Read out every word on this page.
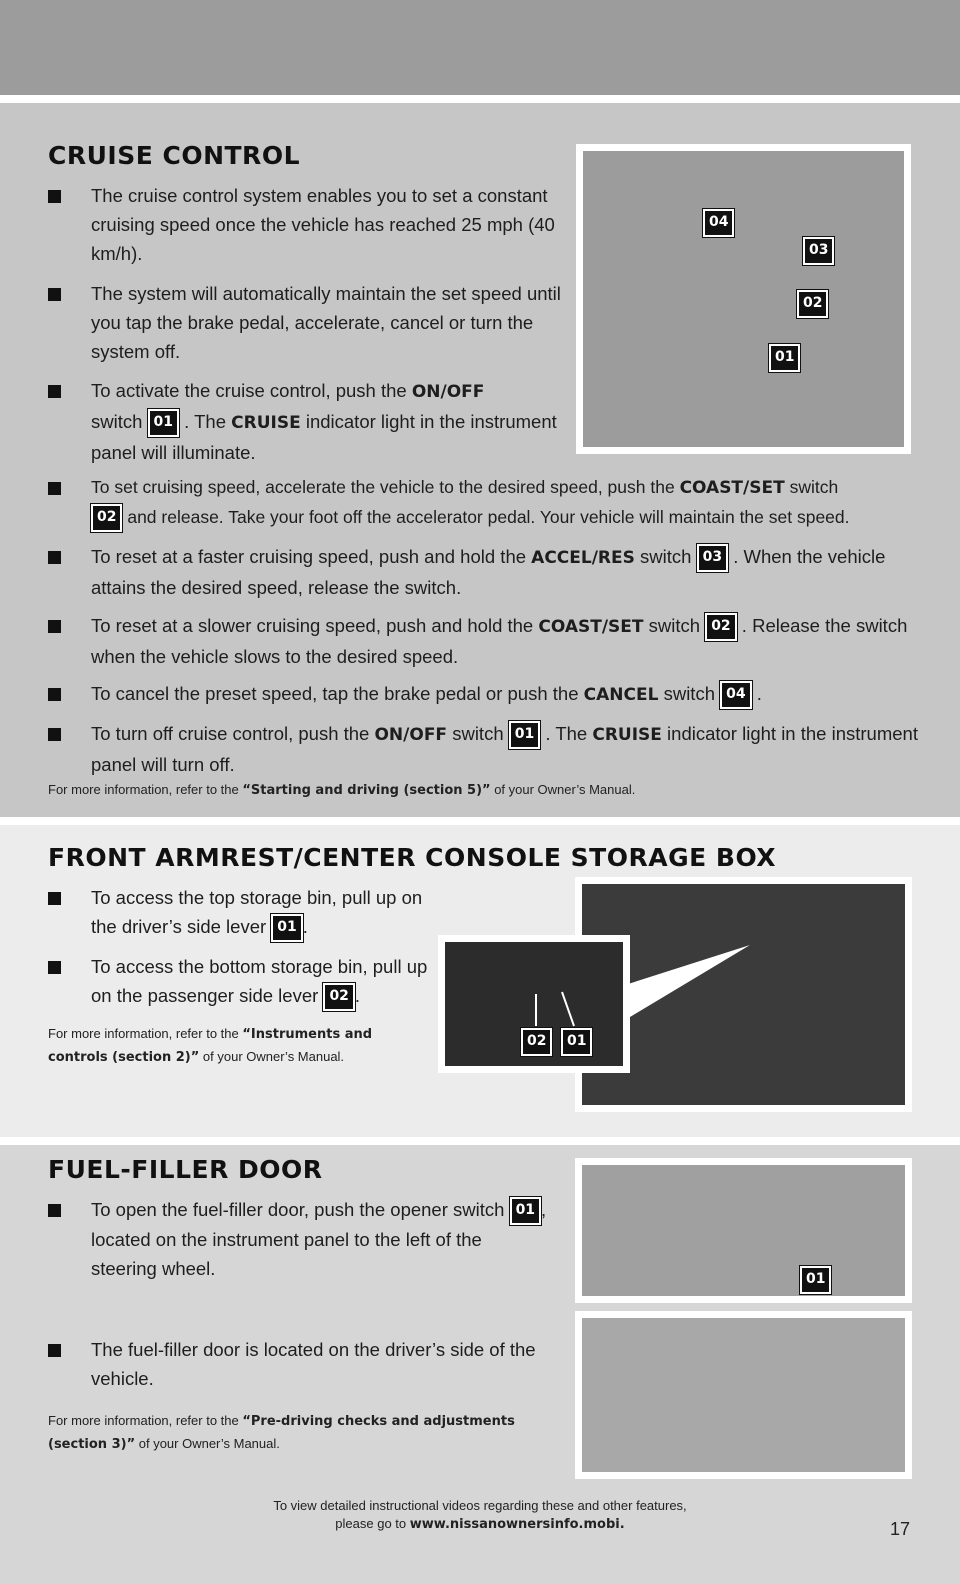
CRUISE CONTROL
The cruise control system enables you to set a constant cruising speed once the vehicle has reached 25 mph (40 km/h).
The system will automatically maintain the set speed until you tap the brake pedal, accelerate, cancel or turn the system off.
To activate the cruise control, push the ON/OFF
switch 01 . The CRUISE indicator light in the instrument panel will illuminate.
To set cruising speed, accelerate the vehicle to the desired speed, push the COAST/SET switch
02 and release. Take your foot off the accelerator pedal. Your vehicle will maintain the set speed.
To reset at a faster cruising speed, push and hold the ACCEL/RES switch 03 . When the vehicle attains the desired speed, release the switch.
To reset at a slower cruising speed, push and hold the COAST/SET switch 02 . Release the switch when the vehicle slows to the desired speed.
To cancel the preset speed, tap the brake pedal or push the CANCEL switch 04 .
To turn off cruise control, push the ON/OFF switch 01 . The CRUISE indicator light in the instrument panel will turn off.
For more information, refer to the “Starting and driving (section 5)” of your Owner’s Manual.
04
03
02
01
FRONT ARMREST/CENTER CONSOLE STORAGE BOX
To access the top storage bin, pull up on the driver’s side lever 01 .
To access the bottom storage bin, pull up on the passenger side lever 02 .
For more information, refer to the “Instruments and controls (section 2)” of your Owner’s Manual.
02	01
FUEL-FILLER DOOR
To open the fuel-filler door, push the opener switch 01 , located on the instrument panel to the left of the steering wheel.
The fuel-filler door is located on the driver’s side of the vehicle.
For more information, refer to the “Pre-driving checks and adjustments (section 3)” of your Owner’s Manual.
01
To view detailed instructional videos regarding these and other features,
please go to www.nissanownersinfo.mobi.	17
